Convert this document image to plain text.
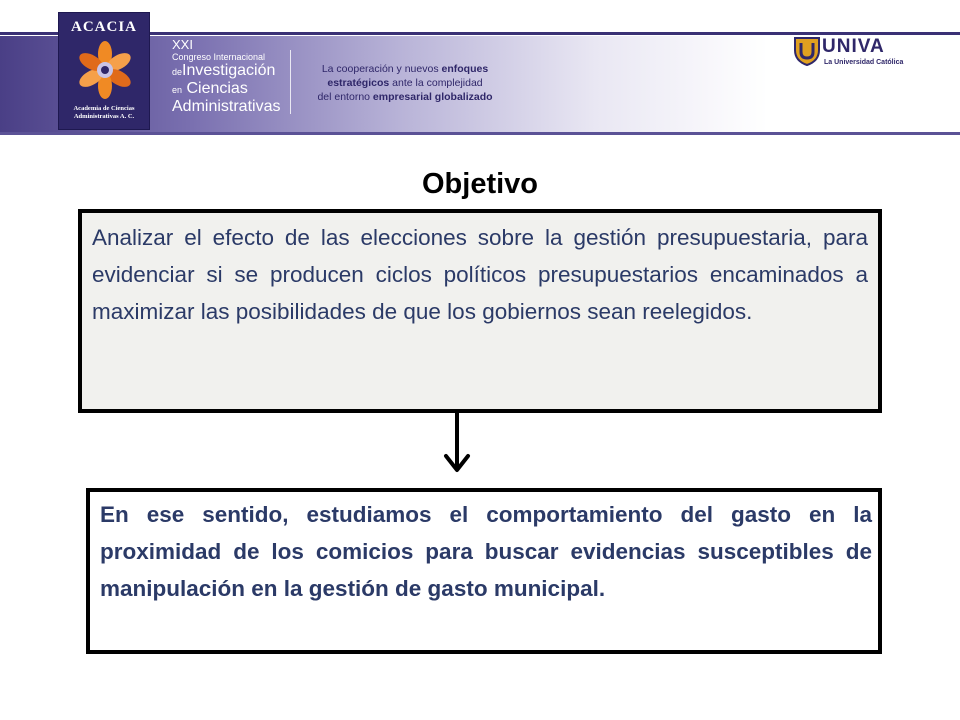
ACACIA
Academia de Ciencias
Administrativas A. C.
XXI
Congreso Internacional
deInvestigación
en Ciencias
Administrativas
La cooperación y nuevos enfoques
estratégicos ante la complejidad
del entorno empresarial globalizado
UNIVA
La Universidad Católica
Objetivo
Analizar el efecto de las elecciones sobre la gestión presupuestaria, para evidenciar si se producen ciclos políticos presupuestarios encaminados a maximizar las posibilidades de que los gobiernos sean reelegidos.
En ese sentido, estudiamos el comportamiento del gasto en la proximidad de los comicios para buscar evidencias susceptibles de manipulación en la gestión de gasto municipal.
